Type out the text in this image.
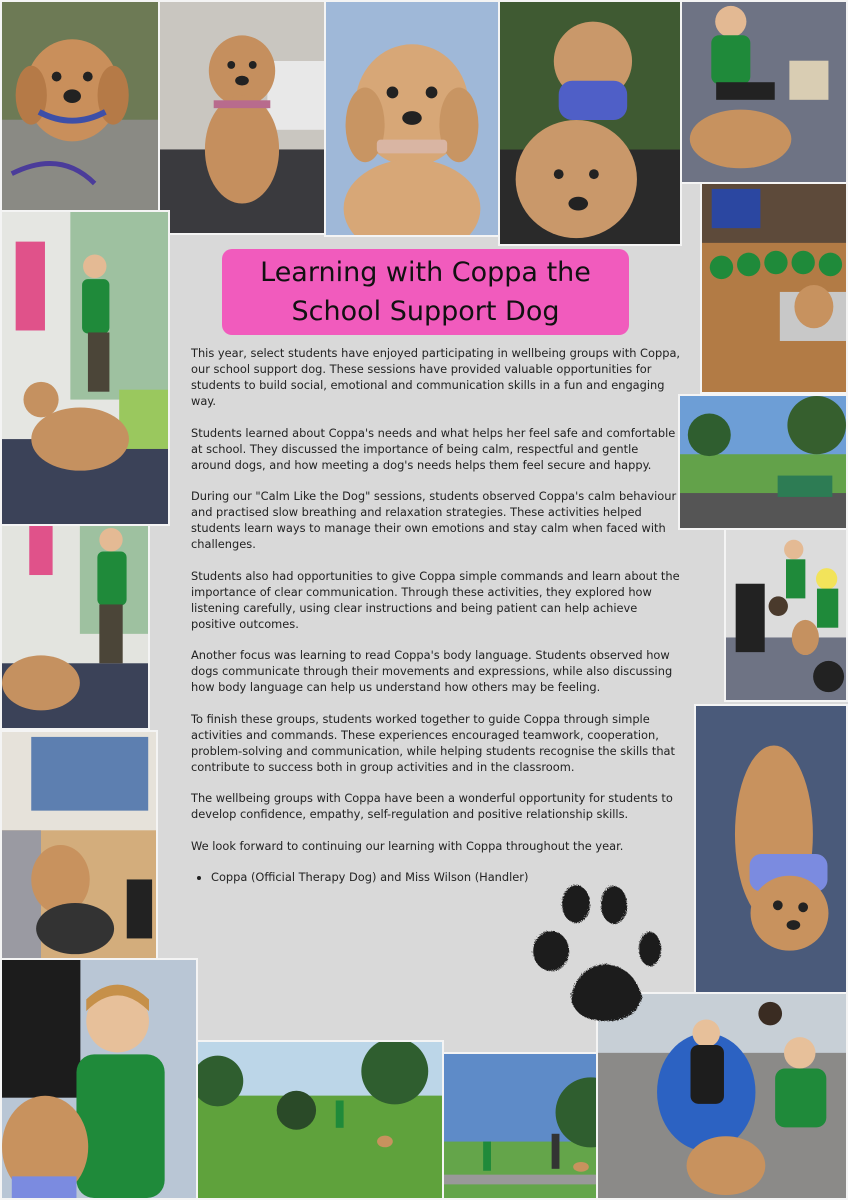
Learning with Coppa the
School Support Dog

This year, select students have enjoyed participating in wellbeing groups with Coppa, our school support dog. These sessions have provided valuable opportunities for students to build social, emotional and communication skills in a fun and engaging way.

Students learned about Coppa's needs and what helps her feel safe and comfortable at school. They discussed the importance of being calm, respectful and gentle around dogs, and how meeting a dog's needs helps them feel secure and happy.

During our "Calm Like the Dog" sessions, students observed Coppa's calm behaviour and practised slow breathing and relaxation strategies. These activities helped students learn ways to manage their own emotions and stay calm when faced with challenges.

Students also had opportunities to give Coppa simple commands and learn about the importance of clear communication. Through these activities, they explored how listening carefully, using clear instructions and being patient can help achieve positive outcomes.

Another focus was learning to read Coppa's body language. Students observed how dogs communicate through their movements and expressions, while also discussing how body language can help us understand how others may be feeling.

To finish these groups, students worked together to guide Coppa through simple activities and commands. These experiences encouraged teamwork, cooperation, problem-solving and communication, while helping students recognise the skills that contribute to success both in group activities and in the classroom.

The wellbeing groups with Coppa have been a wonderful opportunity for students to develop confidence, empathy, self-regulation and positive relationship skills.

We look forward to continuing our learning with Coppa throughout the year.

• Coppa (Official Therapy Dog) and Miss Wilson (Handler)
